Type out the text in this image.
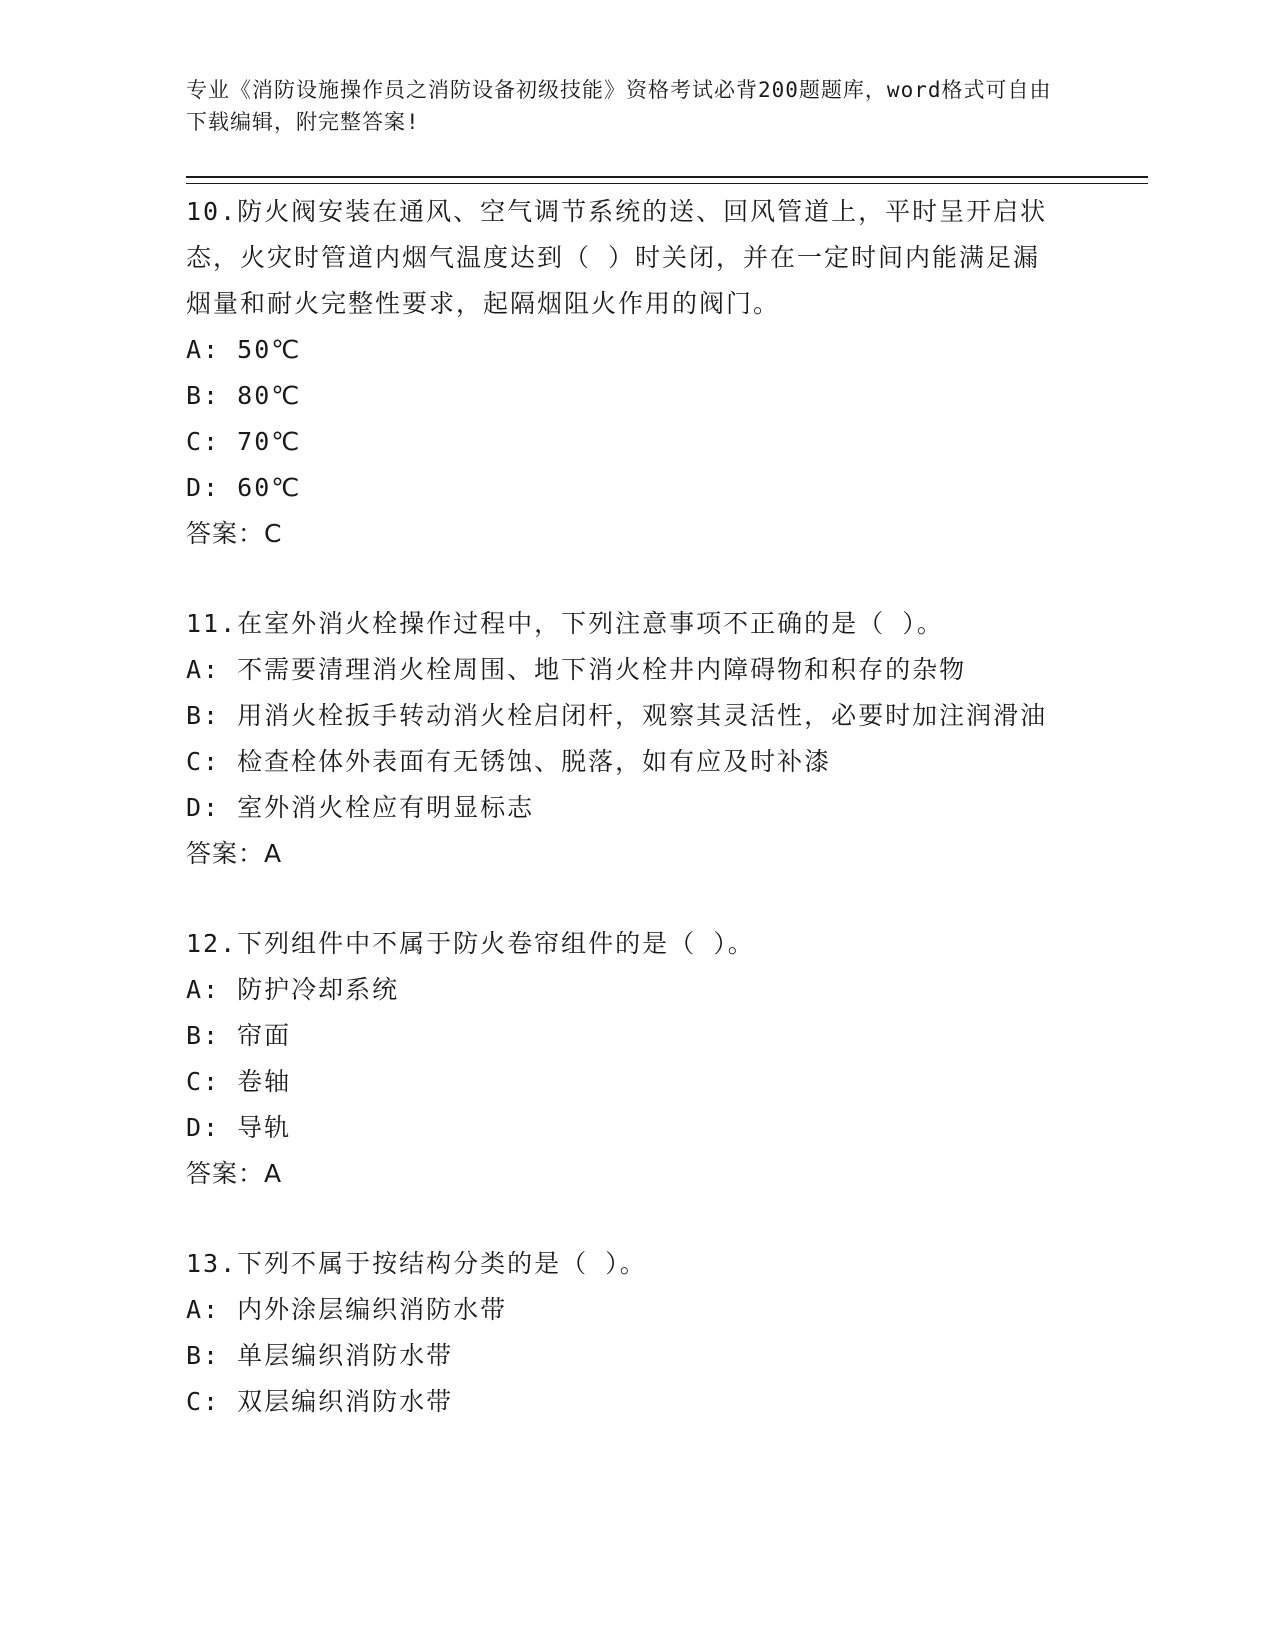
专业《消防设施操作员之消防设备初级技能》资格考试必背200题题库，word格式可自由下载编辑，附完整答案!
10.防火阀安装在通风、空气调节系统的送、回风管道上，平时呈开启状态，火灾时管道内烟气温度达到（ ）时关闭，并在一定时间内能满足漏烟量和耐火完整性要求，起隔烟阻火作用的阀门。
A: 50℃
B: 80℃
C: 70℃
D: 60℃
答案：C
11.在室外消火栓操作过程中，下列注意事项不正确的是（ ）。
A: 不需要清理消火栓周围、地下消火栓井内障碍物和积存的杂物
B: 用消火栓扳手转动消火栓启闭杆，观察其灵活性，必要时加注润滑油
C: 检查栓体外表面有无锈蚀、脱落，如有应及时补漆
D: 室外消火栓应有明显标志
答案：A
12.下列组件中不属于防火卷帘组件的是（ ）。
A: 防护冷却系统
B: 帘面
C: 卷轴
D: 导轨
答案：A
13.下列不属于按结构分类的是（ ）。
A: 内外涂层编织消防水带
B: 单层编织消防水带
C: 双层编织消防水带
